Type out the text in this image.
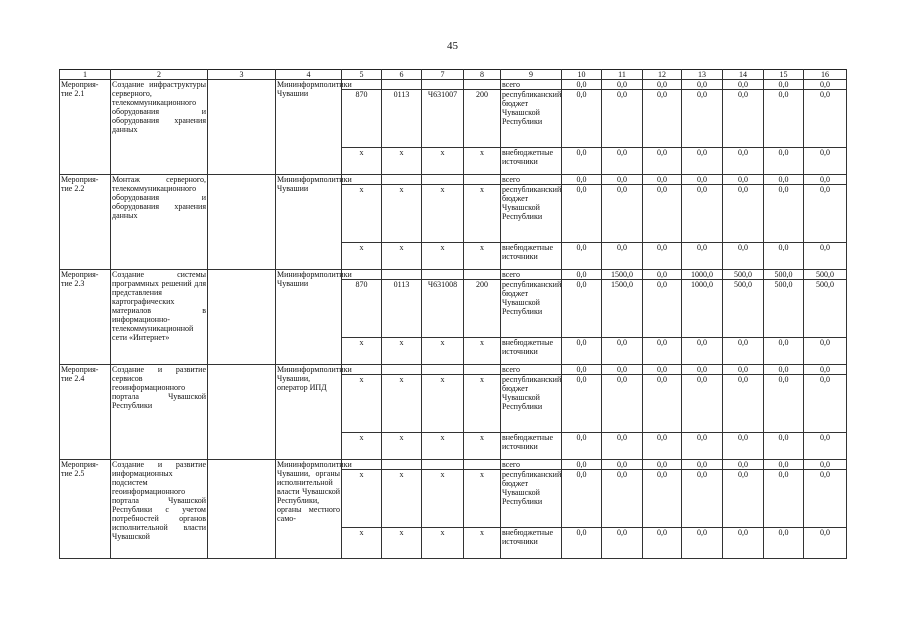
45
1	2	3	4	5	6	7	8	9	10	11	12	13	14	15	16
Мероприя-тие 2.1	Создание инфраструктуры серверного, телекоммуникационного оборудования и оборудования хранения данных		Мининформполитики Чувашии					всего	0,0	0,0	0,0	0,0	0,0	0,0	0,0
				870	0113	Ч631007	200	республиканский бюджет Чувашской Республики	0,0	0,0	0,0	0,0	0,0	0,0	0,0
				x	x	x	x	внебюджетные источники	0,0	0,0	0,0	0,0	0,0	0,0	0,0
Мероприя-тие 2.2	Монтаж серверного, телекоммуникационного оборудования и оборудования хранения данных		Мининформполитики Чувашии					всего	0,0	0,0	0,0	0,0	0,0	0,0	0,0
				x	x	x	x	республиканский бюджет Чувашской Республики	0,0	0,0	0,0	0,0	0,0	0,0	0,0
				x	x	x	x	внебюджетные источники	0,0	0,0	0,0	0,0	0,0	0,0	0,0
Мероприя-тие 2.3	Создание системы программных решений для представления картографических материалов в информационно-телекоммуникационной сети «Интернет»		Мининформполитики Чувашии					всего	0,0	1500,0	0,0	1000,0	500,0	500,0	500,0
				870	0113	Ч631008	200	республиканский бюджет Чувашской Республики	0,0	1500,0	0,0	1000,0	500,0	500,0	500,0
				x	x	x	x	внебюджетные источники	0,0	0,0	0,0	0,0	0,0	0,0	0,0
Мероприя-тие 2.4	Создание и развитие сервисов геоинформационного портала Чувашской Республики		Мининформполитики Чувашии, оператор ИПД					всего	0,0	0,0	0,0	0,0	0,0	0,0	0,0
				x	x	x	x	республиканский бюджет Чувашской Республики	0,0	0,0	0,0	0,0	0,0	0,0	0,0
				x	x	x	x	внебюджетные источники	0,0	0,0	0,0	0,0	0,0	0,0	0,0
Мероприя-тие 2.5	Создание и развитие информационных подсистем геоинформационного портала Чувашской Республики с учетом потребностей органов исполнительной власти Чувашской		Мининформполитики Чувашии, органы исполнительной власти Чувашской Республики, органы местного само-					всего	0,0	0,0	0,0	0,0	0,0	0,0	0,0
				x	x	x	x	республиканский бюджет Чувашской Республики	0,0	0,0	0,0	0,0	0,0	0,0	0,0
				x	x	x	x	внебюджетные источники	0,0	0,0	0,0	0,0	0,0	0,0	0,0
